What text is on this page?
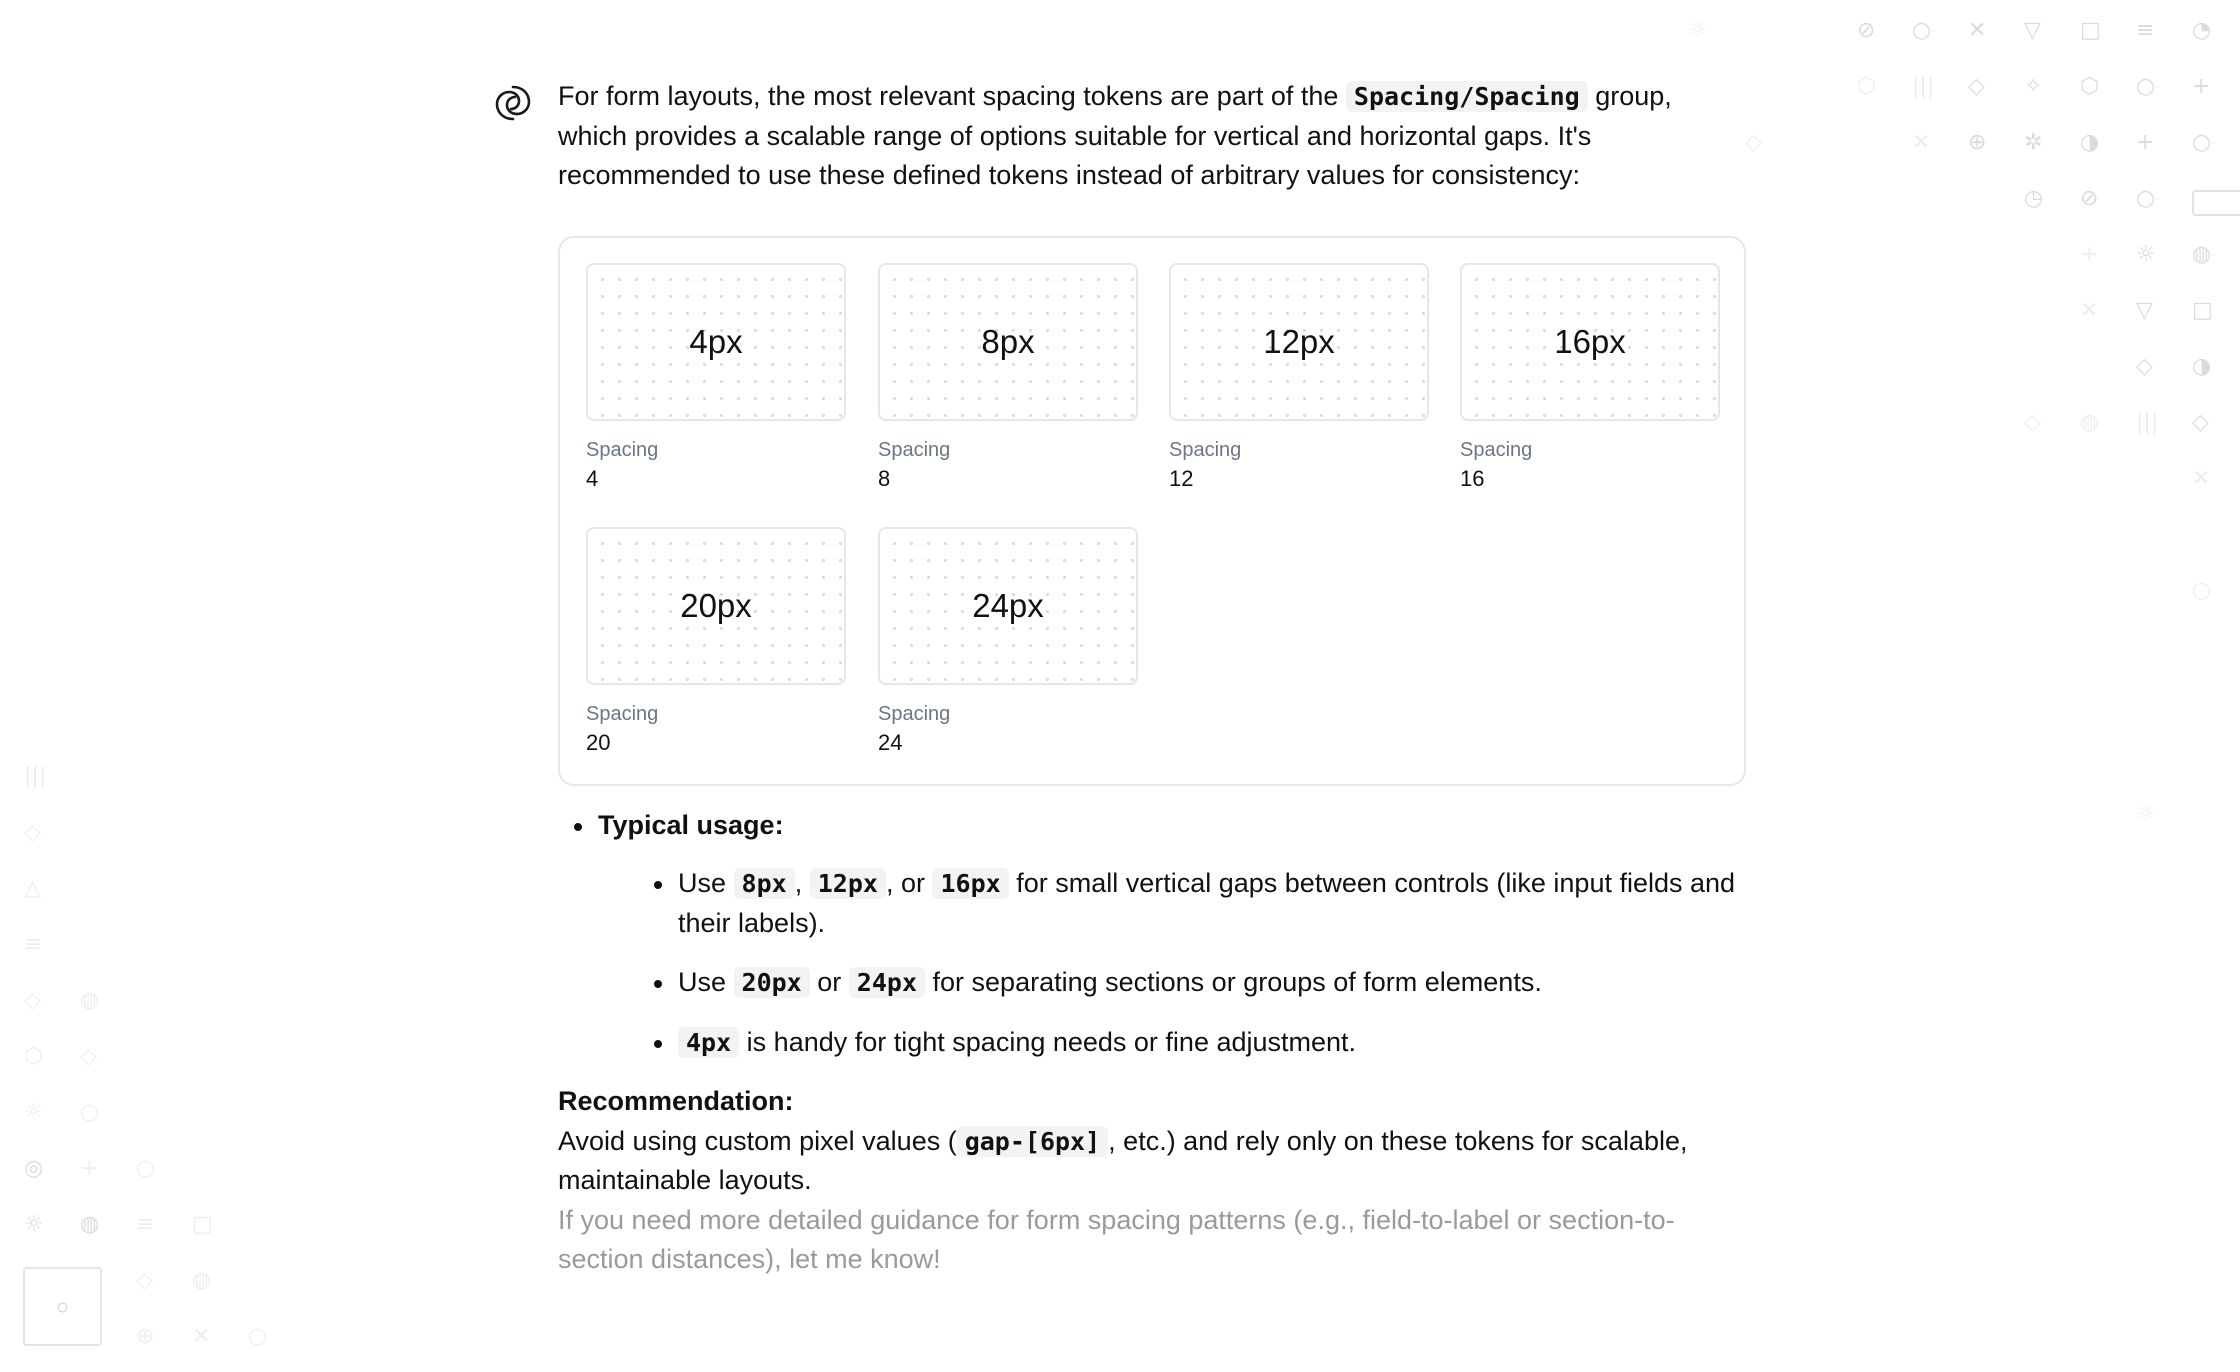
☼	⊘ ○ ✕ ▽ □ ≡ ◔
⬡ ||| ◇ ✧ ⬡ ○ +
◇	✕ ⊕ ✲ ◑ + ○
◷ ⊘ ○
+ ☼ ◍
✕ ▽ □
◇ ◑
◇ ◍ ||| ◇
✕
○
☼
|||
◇
△
≡
◇ ◍
⬡ ◇
☼ ○
◎ + ○
☼ ◍ ≡ □
◇ ◍
⊕ ✕ ○
○

For form layouts, the most relevant spacing tokens are part of the Spacing/Spacing group, which provides a scalable range of options suitable for vertical and horizontal gaps. It's recommended to use these defined tokens instead of arbitrary values for consistency:

4px
Spacing
4
8px
Spacing
8
12px
Spacing
12
16px
Spacing
16
20px
Spacing
20
24px
Spacing
24
Typical usage:
Use 8px , 12px , or 16px for small vertical gaps between controls (like input fields and their labels).
Use 20px or 24px for separating sections or groups of form elements.
4px is handy for tight spacing needs or fine adjustment.

Recommendation:

Avoid using custom pixel values ( gap-[6px] , etc.) and rely only on these tokens for scalable, maintainable layouts.

If you need more detailed guidance for form spacing patterns (e.g., field-to-label or section-to-section distances), let me know!
